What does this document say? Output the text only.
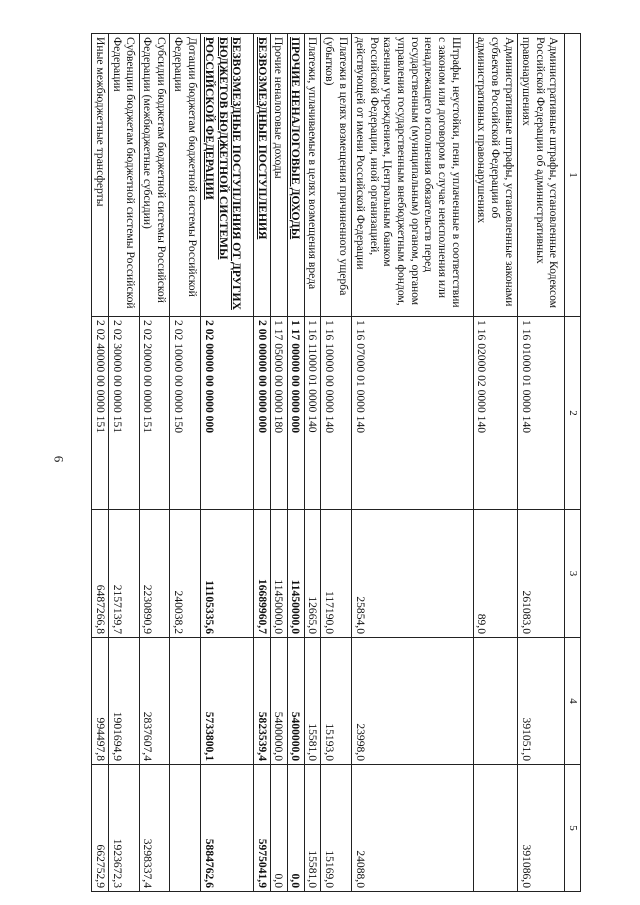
6
1	2	3	4	5
Административные штрафы, установленные Кодексом Российской Федерации об административных правонарушениях	1 16 01000 01 0000 140	261083,0	391051,0	391086,0
Административные штрафы, установленные законами субъектов Российской Федерации об административных правонарушениях	1 16 02000 02 0000 140	89,0		
Штрафы, неустойки, пени, уплаченные в соответствии с законом или договором в случае неисполнения или ненадлежащего исполнения обязательств перед государственным (муниципальным) органом, органом управления государственным внебюджетным фондом, казенным учреждением, Центральным банком Российской Федерации, иной организацией, действующей от имени Российской Федерации	1 16 07000 01 0000 140	25854,0	23998,0	24088,0
Платежи в целях возмещения причиненного ущерба (убытков)	1 16 10000 00 0000 140	117190,0	15193,0	15169,0
Платежи, уплачиваемые в целях возмещения вреда	1 16 11000 01 0000 140	12665,0	15581,0	15581,0
ПРОЧИЕ НЕНАЛОГОВЫЕ ДОХОДЫ	1 17 00000 00 0000 000	11450000,0	5400000,0	0,0
Прочие неналоговые доходы	1 17 05000 00 0000 180	11450000,0	5400000,0	0,0
БЕЗВОЗМЕЗДНЫЕ ПОСТУПЛЕНИЯ	2 00 00000 00 0000 000	16689960,7	5823539,4	5975041,9
БЕЗВОЗМЕЗДНЫЕ ПОСТУПЛЕНИЯ ОТ ДРУГИХ БЮДЖЕТОВ БЮДЖЕТНОЙ СИСТЕМЫ РОССИЙСКОЙ ФЕДЕРАЦИИ	2 02 00000 00 0000 000	11105335,6	5733800,1	5884762,6
Дотации бюджетам бюджетной системы Российской Федерации	2 02 10000 00 0000 150	240038,2		
Субсидии бюджетам бюджетной системы Российской Федерации (межбюджетные субсидии)	2 02 20000 00 0000 151	2230890,9	2837607,4	3298337,4
Субвенции бюджетам бюджетной системы Российской Федерации	2 02 30000 00 0000 151	2157139,7	1901694,9	1923672,3
Иные межбюджетные трансферты	2 02 40000 00 0000 151	6487266,8	994497,8	662752,9
